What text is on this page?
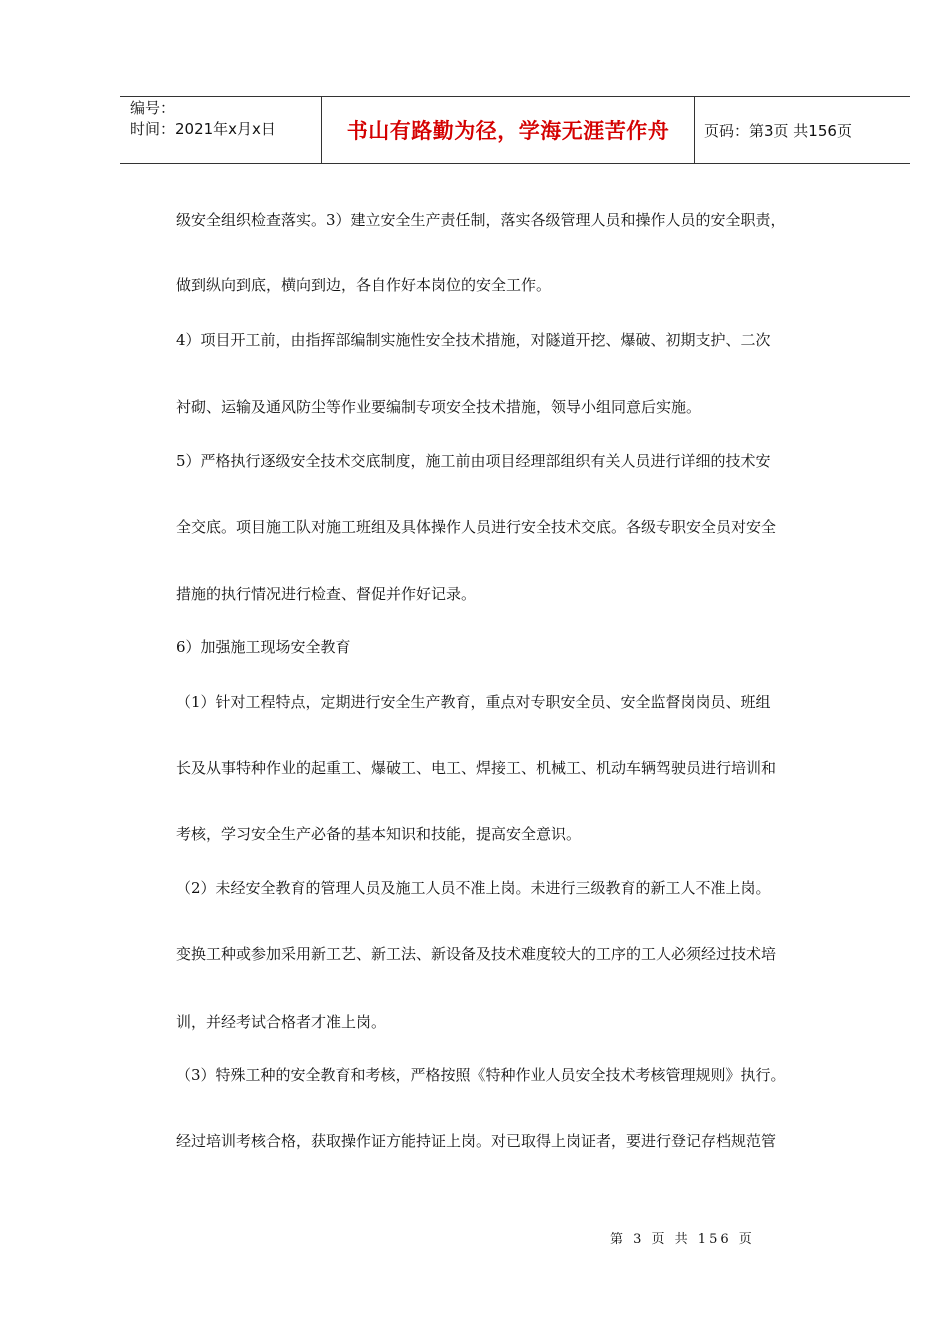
编号：
时间：2021年x月x日	书山有路勤为径，学海无涯苦作舟	页码：第3页 共156页

级安全组织检查落实。3）建立安全生产责任制，落实各级管理人员和操作人员的安全职责，

做到纵向到底，横向到边，各自作好本岗位的安全工作。

4）项目开工前，由指挥部编制实施性安全技术措施，对隧道开挖、爆破、初期支护、二次

衬砌、运输及通风防尘等作业要编制专项安全技术措施，领导小组同意后实施。

5）严格执行逐级安全技术交底制度，施工前由项目经理部组织有关人员进行详细的技术安

全交底。项目施工队对施工班组及具体操作人员进行安全技术交底。各级专职安全员对安全

措施的执行情况进行检查、督促并作好记录。

6）加强施工现场安全教育

（1）针对工程特点，定期进行安全生产教育，重点对专职安全员、安全监督岗岗员、班组

长及从事特种作业的起重工、爆破工、电工、焊接工、机械工、机动车辆驾驶员进行培训和

考核，学习安全生产必备的基本知识和技能，提高安全意识。

（2）未经安全教育的管理人员及施工人员不准上岗。未进行三级教育的新工人不准上岗。

变换工种或参加采用新工艺、新工法、新设备及技术难度较大的工序的工人必须经过技术培

训，并经考试合格者才准上岗。

（3）特殊工种的安全教育和考核，严格按照《特种作业人员安全技术考核管理规则》执行。

经过培训考核合格，获取操作证方能持证上岗。对已取得上岗证者，要进行登记存档规范管

第 3 页 共 156 页
